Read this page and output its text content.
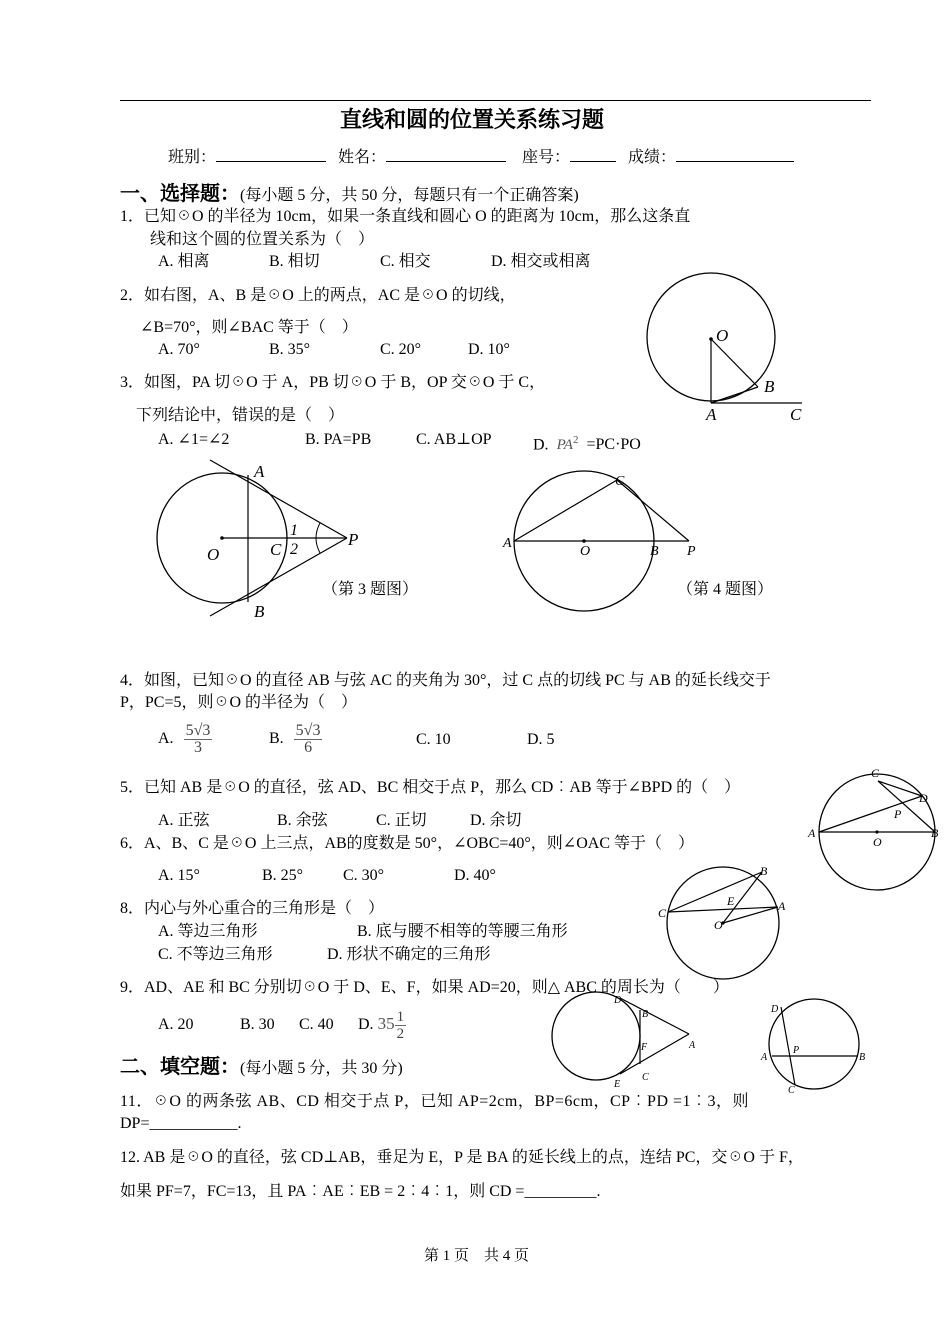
直线和圆的位置关系练习题
班别：	姓名：	座号：	成绩：
一、选择题：(每小题 5 分，共 50 分，每题只有一个正确答案)
1．已知☉O 的半径为 10cm，如果一条直线和圆心 O 的距离为 10cm，那么这条直
线和这个圆的位置关系为（　）
A. 相离	B. 相切	C. 相交	D. 相交或相离
2．如右图，A、B 是☉O 上的两点，AC 是☉O 的切线，
∠B=70°，则∠BAC 等于（　）
A. 70°	B. 35°	C. 20°	D. 10°
O
A
B
C
3．如图，PA 切☉O 于 A，PB 切☉O 于 B，OP 交☉O 于 C，
下列结论中，错误的是（　）
A. ∠1=∠2	B. PA=PB	C. AB⊥OP	D. $PA^2 =PC\cdot PO$
A
B
O	C
P
1
2
（第 3 题图）
A
O	B P
C
（第 4 题图）
4．如图，已知☉O 的直径 AB 与弦 AC 的夹角为 30°，过 C 点的切线 PC 与 AB 的延长线交于
P，PC=5，则☉O 的半径为（　）
A. $\frac{5√3}{3}$	B. $\frac{5√3}{6}$	C. 10	D. 5
5．已知 AB 是☉O 的直径，弦 AD、BC 相交于点 P，那么 CD︰AB 等于∠BPD 的（　）
A. 正弦	B. 余弦	C. 正切	D. 余切
C
D
P
A	B
O
6．A、B、C 是☉O 上三点，AB的度数是 50°，∠OBC=40°，则∠OAC 等于（　）
A. 15°	B. 25° C. 30°	D. 40°	B
C
E	A
O
8．内心与外心重合的三角形是（　）
A. 等边三角形	B. 底与腰不相等的等腰三角形
C. 不等边三角形	D. 形状不确定的三角形
9．AD、AE 和 BC 分别切☉O 于 D、E、F，如果 AD=20，则△ ABC 的周长为（　　）
A. 20	B. 30 C. 40 D. $35 \frac{1}{2}$
D
B
F	A
E
C
D
A
P
B
C
二、填空题：(每小题 5 分，共 30 分)
11．☉O 的两条弦 AB、CD 相交于点 P，已知 AP=2cm，BP=6cm，CP︰PD =1︰3，则
DP=___________.
12. AB 是☉O 的直径，弦 CD⊥AB，垂足为 E，P 是 BA 的延长线上的点，连结 PC，交☉O 于 F，
如果 PF=7，FC=13，且 PA︰AE︰EB = 2︰4︰1，则 CD =_________.
第 1 页　共 4 页
